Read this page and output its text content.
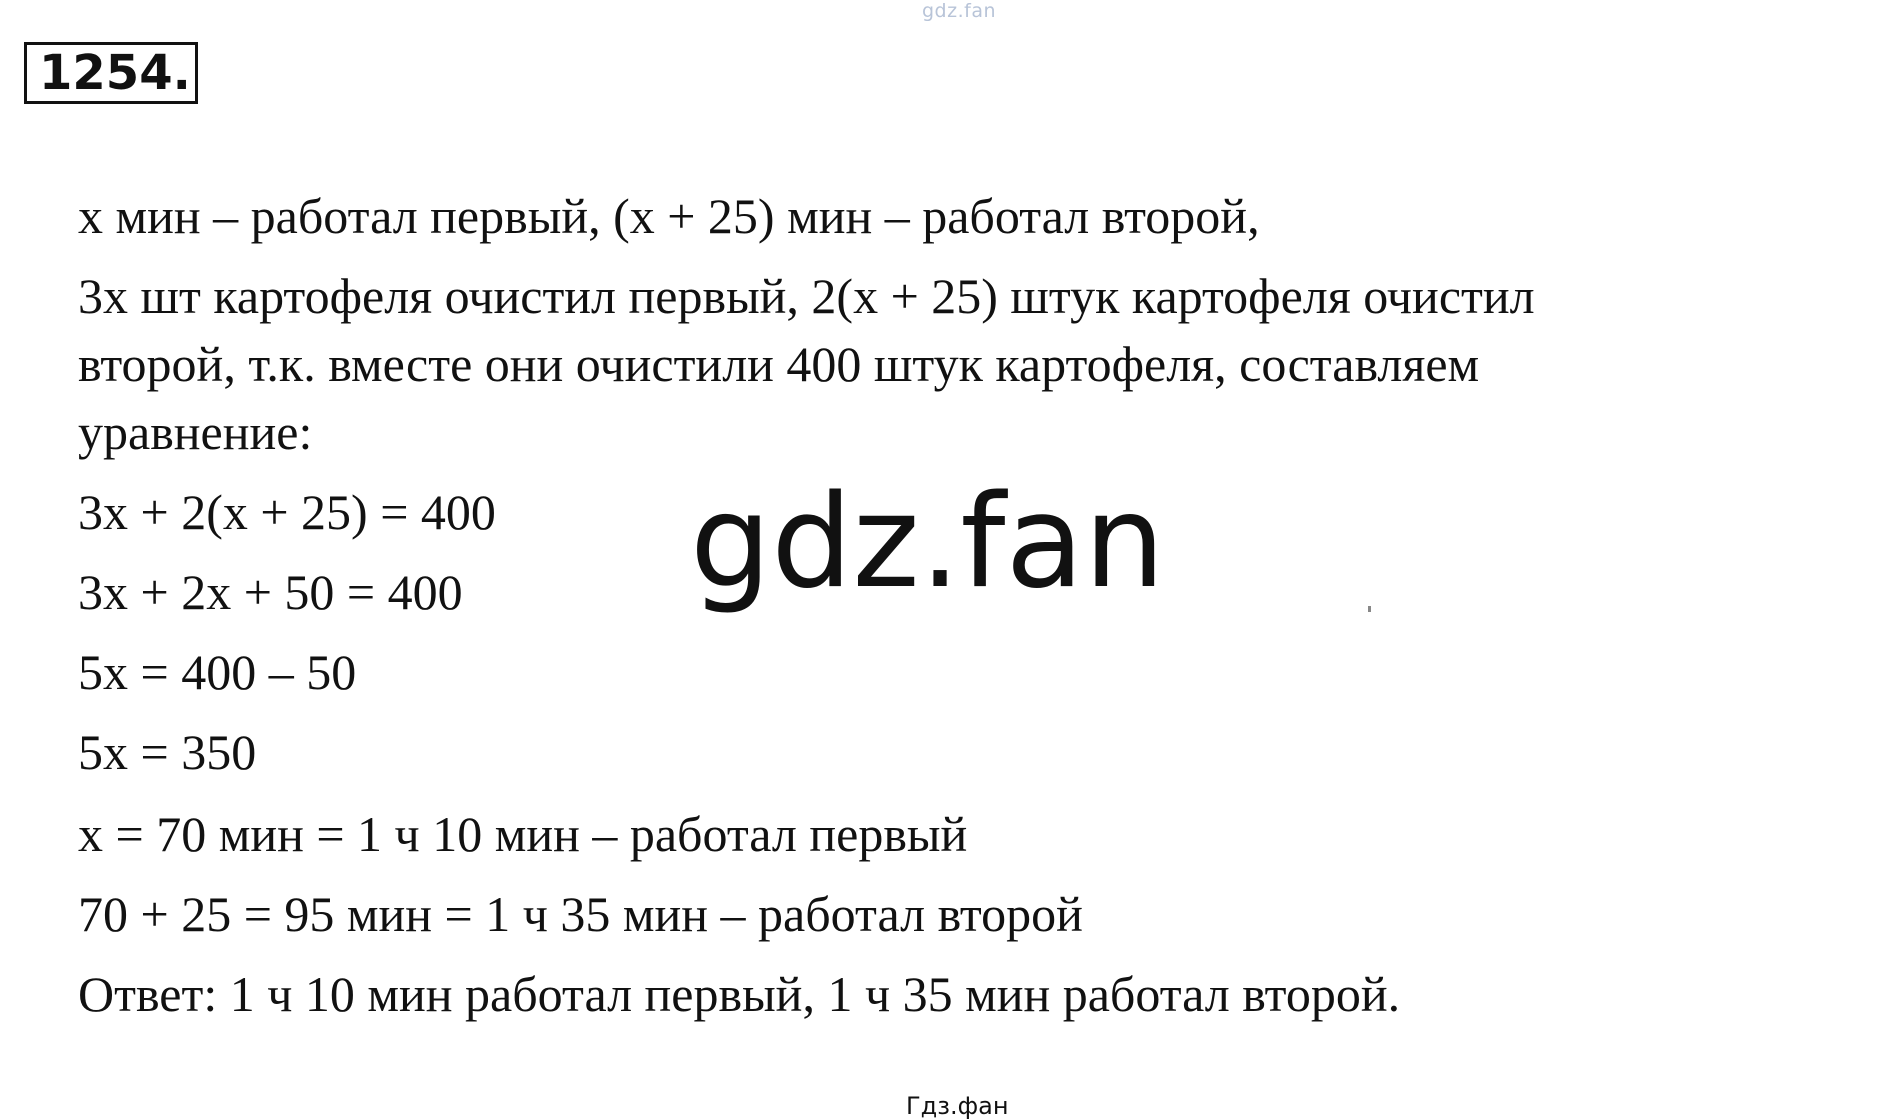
gdz.fan
1254.
x мин – работал первый, (x + 25) мин – работал второй,
3x шт картофеля очистил первый, 2(x + 25) штук картофеля очистил
второй, т.к. вместе они очистили 400 штук картофеля, составляем
уравнение:
3x + 2(x + 25) = 400
3x + 2x + 50 = 400
5x = 400 – 50
5x = 350
x = 70 мин = 1 ч 10 мин – работал первый
70 + 25 = 95 мин = 1 ч 35 мин – работал второй
Ответ: 1 ч 10 мин работал первый, 1 ч 35 мин работал второй.
gdz.fan
Гдз.фан
